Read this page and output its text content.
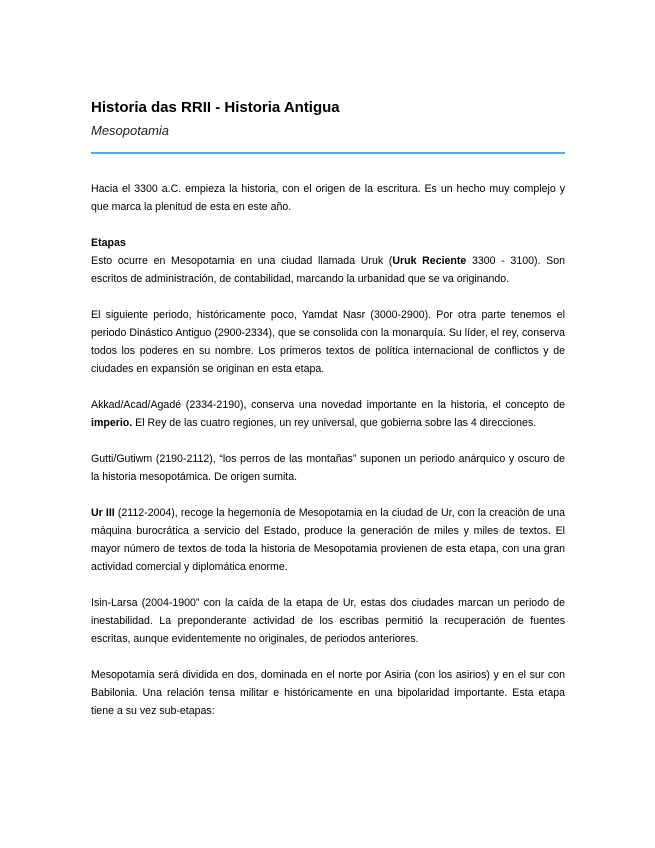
Historia das RRII - Historia Antigua
Mesopotamia

Hacia el 3300 a.C. empieza la historia, con el origen de la escritura. Es un hecho muy complejo y que marca la plenitud de esta en este año.

Etapas
Esto ocurre en Mesopotamia en una ciudad llamada Uruk (Uruk Reciente 3300 - 3100). Son escritos de administración, de contabilidad, marcando la urbanidad que se va originando.

El siguiente periodo, históricamente poco, Yamdat Nasr (3000-2900). Por otra parte tenemos el periodo Dinástico Antiguo (2900-2334), que se consolida con la monarquía. Su líder, el rey, conserva todos los poderes en su nombre. Los primeros textos de política internacional de conflictos y de ciudades en expansión se originan en esta etapa.

Akkad/Acad/Agadé (2334-2190), conserva una novedad importante en la historia, el concepto de imperio. El Rey de las cuatro regiones, un rey universal, que gobierna sobre las 4 direcciones.

Gutti/Gutiwm (2190-2112), “los perros de las montañas” suponen un periodo anárquico y oscuro de la historia mesopotámica. De origen sumita.

Ur III (2112-2004), recoge la hegemonía de Mesopotamia en la ciudad de Ur, con la creación de una máquina burocrática a servicio del Estado, produce la generación de miles y miles de textos. El mayor número de textos de toda la historia de Mesopotamia provienen de esta etapa, con una gran actividad comercial y diplomática enorme.

Isin-Larsa (2004-1900” con la caída de la etapa de Ur, estas dos ciudades marcan un periodo de inestabilidad. La preponderante actividad de los escribas permitió la recuperación de fuentes escritas, aunque evidentemente no originales, de periodos anteriores.

Mesopotamia será dividida en dos, dominada en el norte por Asiria (con los asirios) y en el sur con Babilonia. Una relación tensa militar e históricamente en una bipolaridad importante. Esta etapa tiene a su vez sub-etapas:
